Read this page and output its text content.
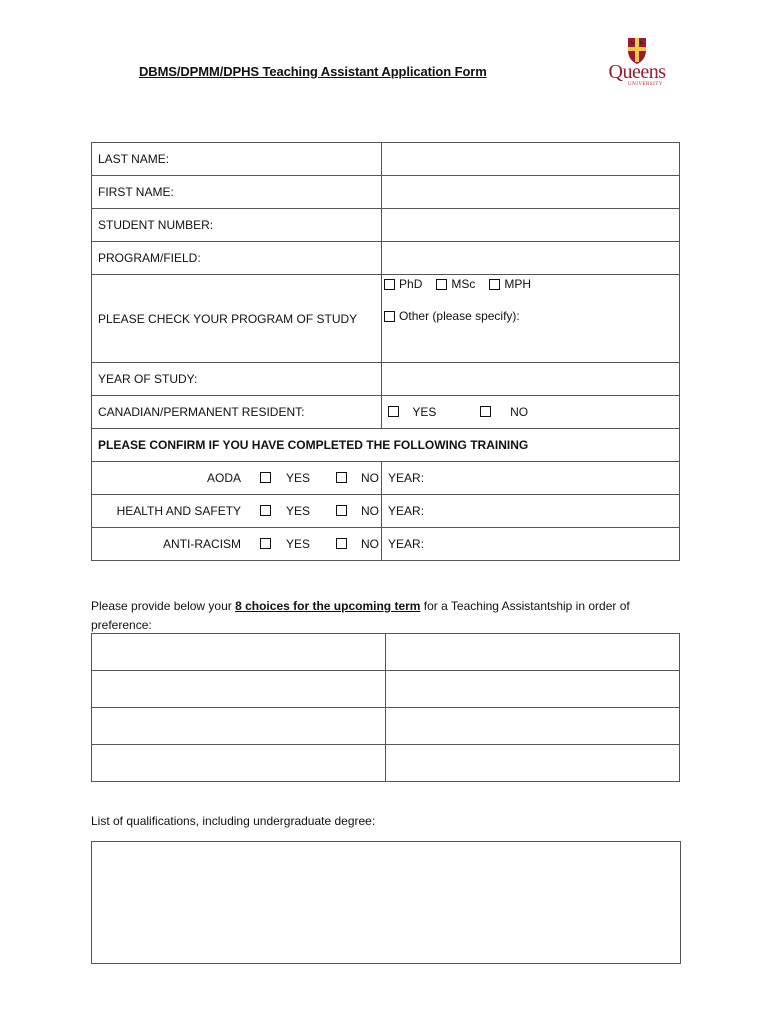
DBMS/DPMM/DPHS Teaching Assistant Application Form	Queens
UNIVERSITY
LAST NAME:	
FIRST NAME:	
STUDENT NUMBER:	
PROGRAM/FIELD:	
PLEASE CHECK YOUR PROGRAM OF STUDY	PhD MSc MPH
Other (please specify):

YEAR OF STUDY:	
CANADIAN/PERMANENT RESIDENT:	YES NO
PLEASE CONFIRM IF YOU HAVE COMPLETED THE FOLLOWING TRAINING	

AODA YES NO	YEAR:

HEALTH AND SAFETY YES NO	YEAR:

ANTI-RACISM YES NO	YEAR:
Please provide below your 8 choices for the upcoming term for a Teaching Assistantship in order of preference:

List of qualifications, including undergraduate degree:
